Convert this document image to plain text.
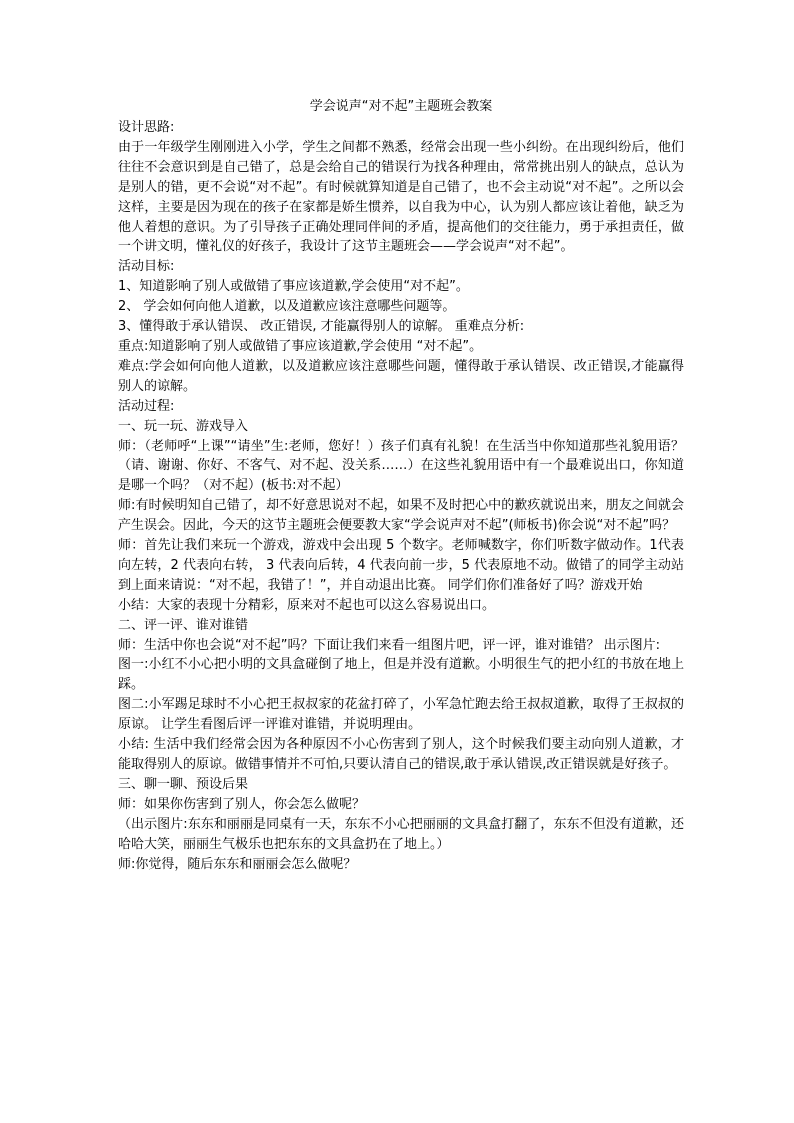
学会说声“对不起”主题班会教案

设计思路:

由于一年级学生刚刚进入小学，学生之间都不熟悉，经常会出现一些小纠纷。在出现纠纷后，他们往往不会意识到是自己错了，总是会给自己的错误行为找各种理由，常常挑出别人的缺点，总认为是别人的错，更不会说“对不起”。有时候就算知道是自己错了，也不会主动说“对不起”。之所以会这样，主要是因为现在的孩子在家都是娇生惯养，以自我为中心，认为别人都应该让着他，缺乏为他人着想的意识。为了引导孩子正确处理同伴间的矛盾，提高他们的交往能力，勇于承担责任，做一个讲文明，懂礼仪的好孩子，我设计了这节主题班会——学会说声“对不起”。

活动目标:

1、知道影响了别人或做错了事应该道歉,学会使用“对不起”。

2、 学会如何向他人道歉，以及道歉应该注意哪些问题等。

3、懂得敢于承认错误、 改正错误, 才能赢得别人的谅解。 重难点分析:

重点:知道影响了别人或做错了事应该道歉,学会使用 “对不起”。

难点:学会如何向他人道歉，以及道歉应该注意哪些问题，懂得敢于承认错误、改正错误,才能赢得别人的谅解。

活动过程:

一、玩一玩、游戏导入

师：（老师呼“上课”“请坐”生:老师，您好！）孩子们真有礼貌！在生活当中你知道那些礼貌用语？（请、谢谢、你好、不客气、对不起、没关系……）在这些礼貌用语中有一个最难说出口，你知道是哪一个吗？（对不起）(板书:对不起）

师:有时候明知自己错了，却不好意思说对不起，如果不及时把心中的歉疚就说出来，朋友之间就会产生误会。因此，今天的这节主题班会便要教大家“学会说声对不起”(师板书)你会说“对不起”吗？

师：首先让我们来玩一个游戏，游戏中会出现 5 个数字。老师喊数字，你们听数字做动作。1代表向左转，2 代表向右转， 3 代表向后转，4 代表向前一步，5 代表原地不动。做错了的同学主动站到上面来请说：“对不起，我错了！”，并自动退出比赛。 同学们你们准备好了吗？游戏开始

小结：大家的表现十分精彩，原来对不起也可以这么容易说出口。

二、评一评、谁对谁错

师：生活中你也会说“对不起”吗？下面让我们来看一组图片吧，评一评，谁对谁错？ 出示图片:

图一:小红不小心把小明的文具盒碰倒了地上，但是并没有道歉。小明很生气的把小红的书放在地上踩。

图二:小军踢足球时不小心把王叔叔家的花盆打碎了，小军急忙跑去给王叔叔道歉，取得了王叔叔的原谅。 让学生看图后评一评谁对谁错，并说明理由。

小结: 生活中我们经常会因为各种原因不小心伤害到了别人，这个时候我们要主动向别人道歉，才能取得别人的原谅。做错事情并不可怕,只要认清自己的错误,敢于承认错误,改正错误就是好孩子。

三、聊一聊、预设后果

师：如果你伤害到了别人，你会怎么做呢？

（出示图片:东东和丽丽是同桌有一天，东东不小心把丽丽的文具盒打翻了，东东不但没有道歉，还哈哈大笑，丽丽生气极乐也把东东的文具盒扔在了地上。）

师:你觉得，随后东东和丽丽会怎么做呢？
